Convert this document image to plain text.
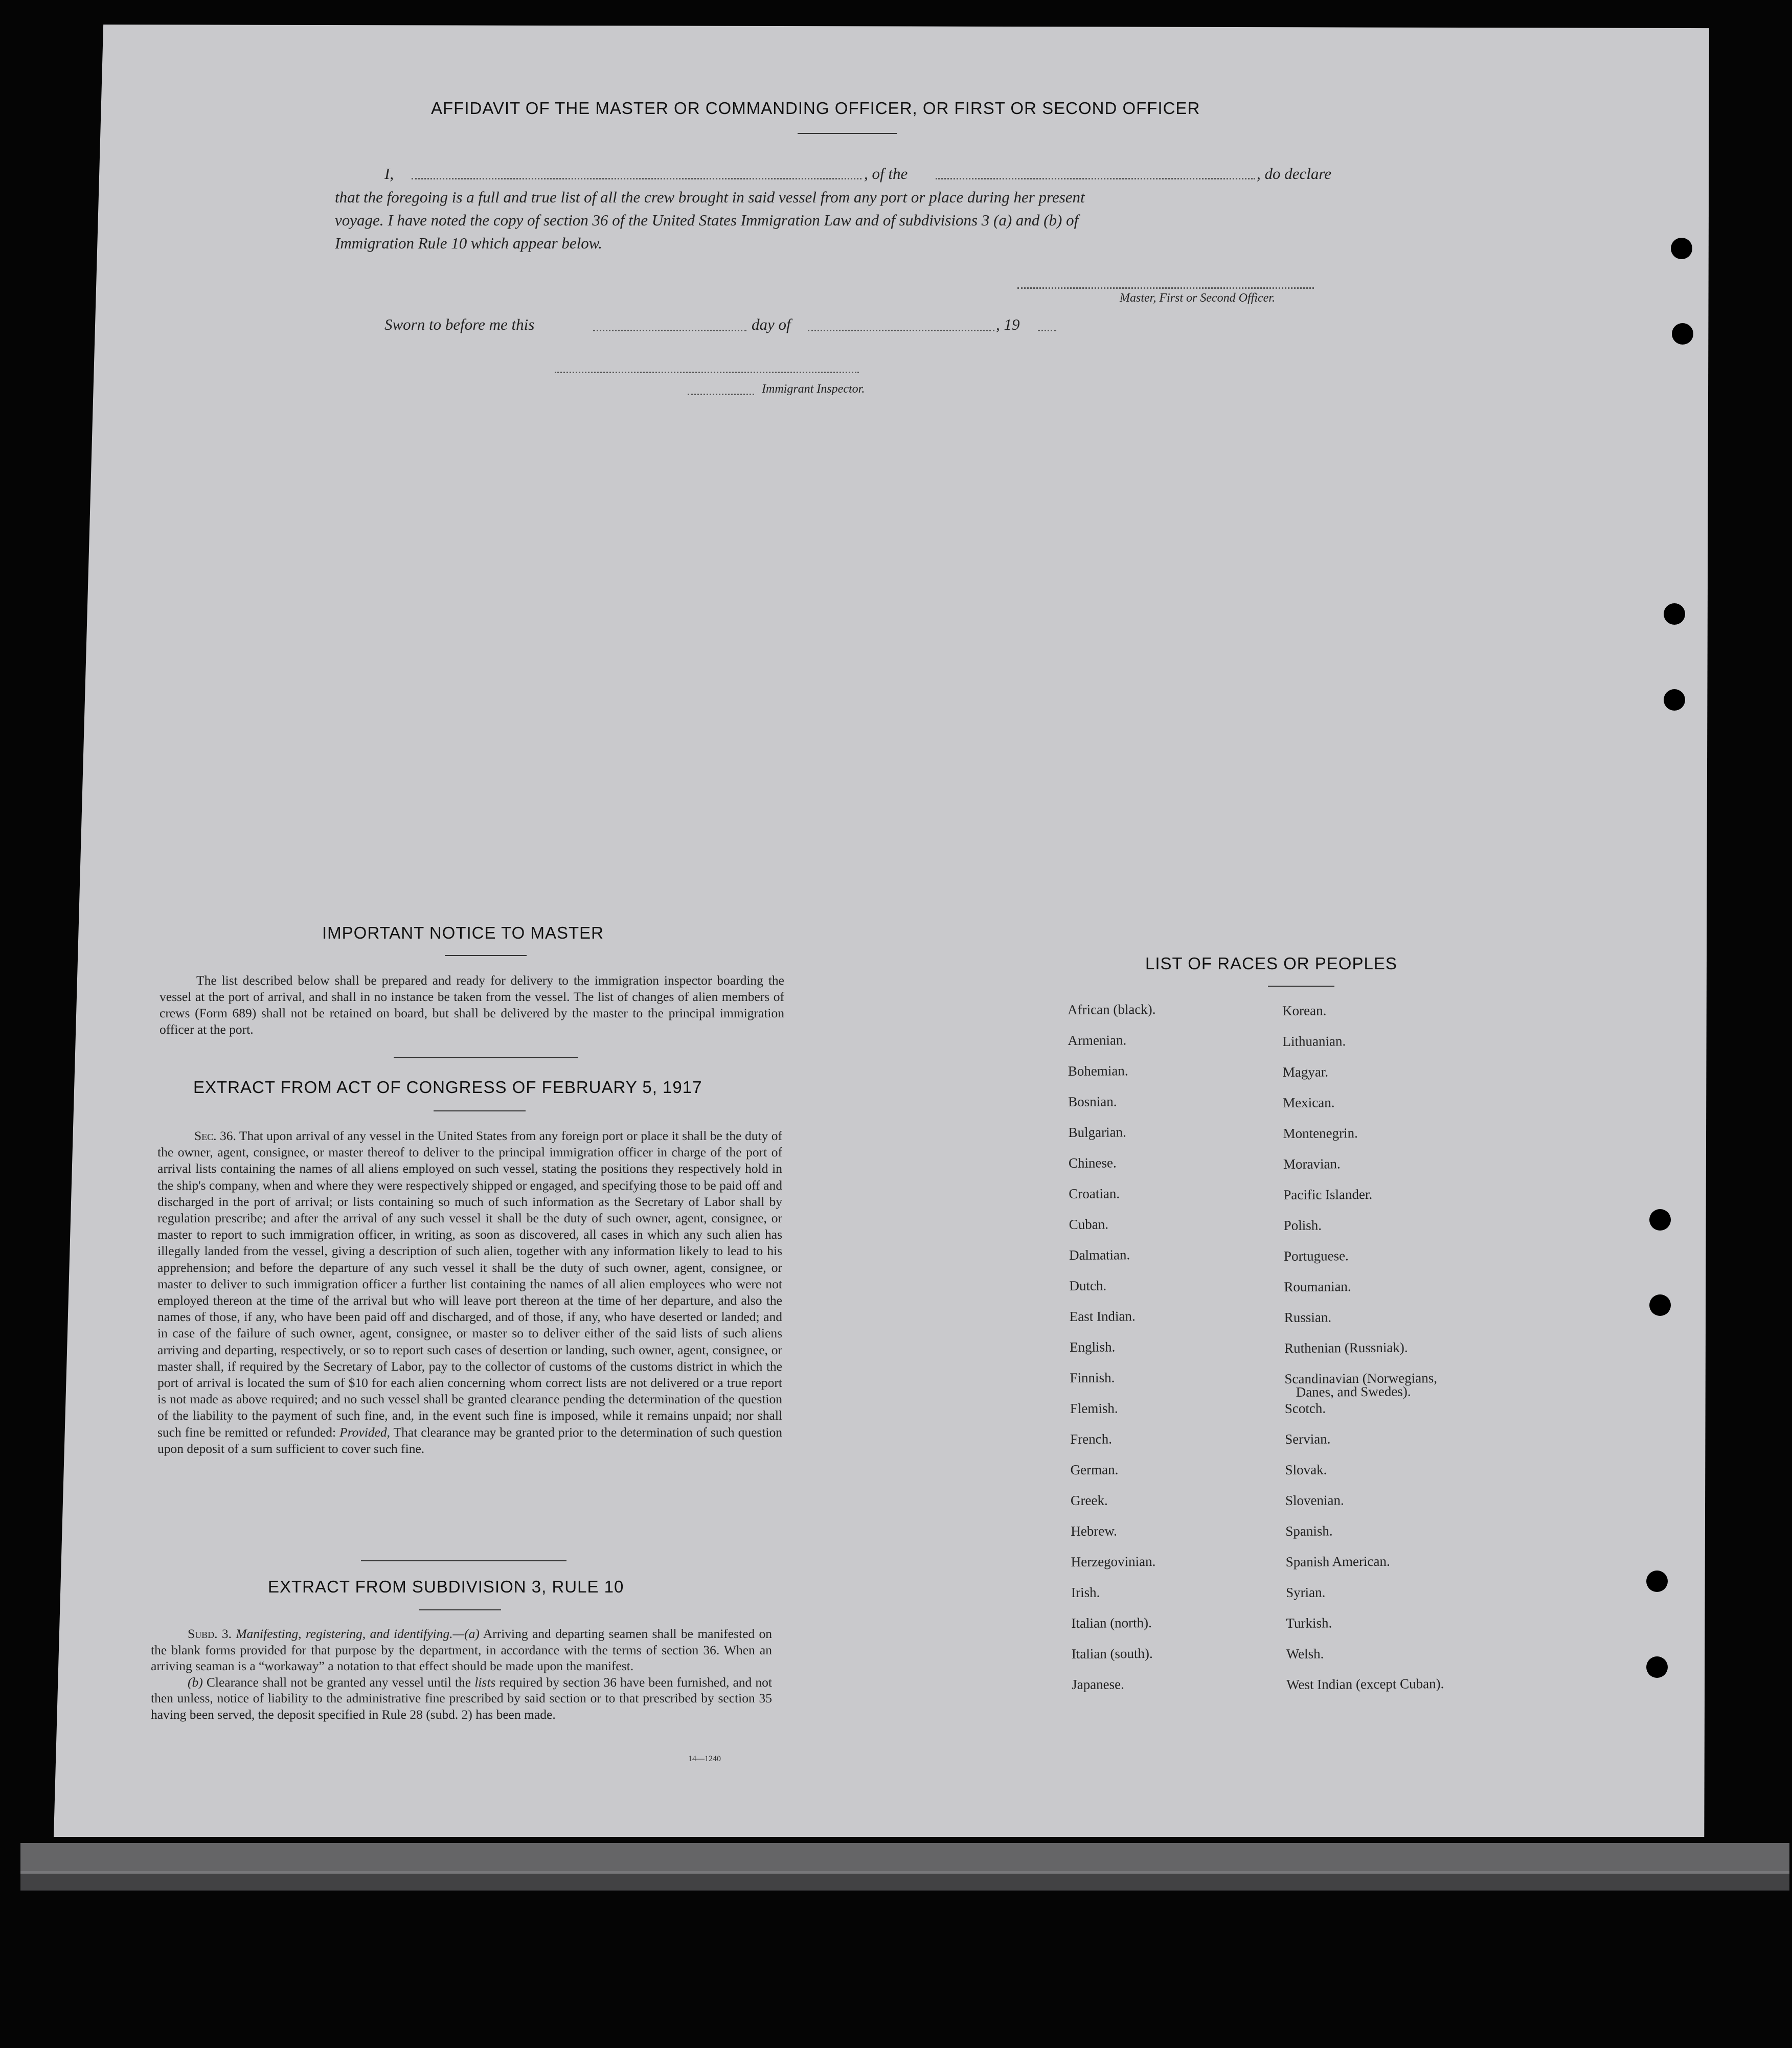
AFFIDAVIT OF THE MASTER OR COMMANDING OFFICER, OR FIRST OR SECOND OFFICER
I,	, of the	, do declare
that the foregoing is a full and true list of all the crew brought in said vessel from any port or place during her present
voyage. I have noted the copy of section 36 of the United States Immigration Law and of subdivisions 3 (a) and (b) of
Immigration Rule 10 which appear below.
Master, First or Second Officer.
Sworn to before me this	day of	, 19
Immigrant Inspector.
IMPORTANT NOTICE TO MASTER
The list described below shall be prepared and ready for delivery to the immigration inspector boarding the vessel at the port of arrival, and shall in no instance be taken from the vessel. The list of changes of alien members of crews (Form 689) shall not be retained on board, but shall be delivered by the master to the principal immigration officer at the port.
EXTRACT FROM ACT OF CONGRESS OF FEBRUARY 5, 1917
Sec. 36. That upon arrival of any vessel in the United States from any foreign port or place it shall be the duty of the owner, agent, consignee, or master thereof to deliver to the principal immigration officer in charge of the port of arrival lists containing the names of all aliens employed on such vessel, stating the positions they respectively hold in the ship's company, when and where they were respectively shipped or engaged, and specifying those to be paid off and discharged in the port of arrival; or lists containing so much of such information as the Secretary of Labor shall by regulation prescribe; and after the arrival of any such vessel it shall be the duty of such owner, agent, consignee, or master to report to such immigration officer, in writing, as soon as discovered, all cases in which any such alien has illegally landed from the vessel, giving a description of such alien, together with any information likely to lead to his apprehension; and before the departure of any such vessel it shall be the duty of such owner, agent, consignee, or master to deliver to such immigration officer a further list containing the names of all alien employees who were not employed thereon at the time of the arrival but who will leave port thereon at the time of her departure, and also the names of those, if any, who have been paid off and discharged, and of those, if any, who have deserted or landed; and in case of the failure of such owner, agent, consignee, or master so to deliver either of the said lists of such aliens arriving and departing, respectively, or so to report such cases of desertion or landing, such owner, agent, consignee, or master shall, if required by the Secretary of Labor, pay to the collector of customs of the customs district in which the port of arrival is located the sum of $10 for each alien concerning whom correct lists are not delivered or a true report is not made as above required; and no such vessel shall be granted clearance pending the determination of the question of the liability to the payment of such fine, and, in the event such fine is imposed, while it remains unpaid; nor shall such fine be remitted or refunded: Provided, That clearance may be granted prior to the determination of such question upon deposit of a sum sufficient to cover such fine.
EXTRACT FROM SUBDIVISION 3, RULE 10

Subd. 3. Manifesting, registering, and identifying.—(a) Arriving and departing seamen shall be manifested on the blank forms provided for that purpose by the department, in accordance with the terms of section 36. When an arriving seaman is a “workaway” a notation to that effect should be made upon the manifest.

(b) Clearance shall not be granted any vessel until the lists required by section 36 have been furnished, and not then unless, notice of liability to the administrative fine prescribed by said section or to that prescribed by section 35 having been served, the deposit specified in Rule 28 (subd. 2) has been made.

14—1240
LIST OF RACES OR PEOPLES
African (black).
Armenian.
Bohemian.
Bosnian.
Bulgarian.
Chinese.
Croatian.
Cuban.
Dalmatian.
Dutch.
East Indian.
English.
Finnish.
Flemish.
French.
German.
Greek.
Hebrew.
Herzegovinian.
Irish.
Italian (north).
Italian (south).
Japanese.
Korean.
Lithuanian.
Magyar.
Mexican.
Montenegrin.
Moravian.
Pacific Islander.
Polish.
Portuguese.
Roumanian.
Russian.
Ruthenian (Russniak).
Scandinavian (Norwegians,
Danes, and Swedes).
Scotch.
Servian.
Slovak.
Slovenian.
Spanish.
Spanish American.
Syrian.
Turkish.
Welsh.
West Indian (except Cuban).
